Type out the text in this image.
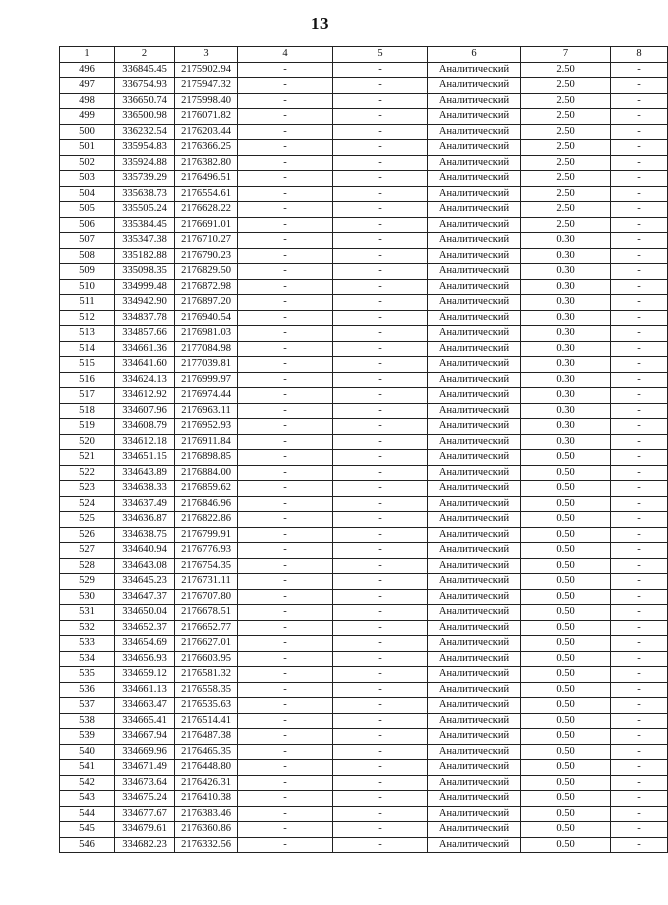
13
1	2	3	4	5	6	7	8
496	336845.45	2175902.94	-	-	Аналитический	2.50	-
497	336754.93	2175947.32	-	-	Аналитический	2.50	-
498	336650.74	2175998.40	-	-	Аналитический	2.50	-
499	336500.98	2176071.82	-	-	Аналитический	2.50	-
500	336232.54	2176203.44	-	-	Аналитический	2.50	-
501	335954.83	2176366.25	-	-	Аналитический	2.50	-
502	335924.88	2176382.80	-	-	Аналитический	2.50	-
503	335739.29	2176496.51	-	-	Аналитический	2.50	-
504	335638.73	2176554.61	-	-	Аналитический	2.50	-
505	335505.24	2176628.22	-	-	Аналитический	2.50	-
506	335384.45	2176691.01	-	-	Аналитический	2.50	-
507	335347.38	2176710.27	-	-	Аналитический	0.30	-
508	335182.88	2176790.23	-	-	Аналитический	0.30	-
509	335098.35	2176829.50	-	-	Аналитический	0.30	-
510	334999.48	2176872.98	-	-	Аналитический	0.30	-
511	334942.90	2176897.20	-	-	Аналитический	0.30	-
512	334837.78	2176940.54	-	-	Аналитический	0.30	-
513	334857.66	2176981.03	-	-	Аналитический	0.30	-
514	334661.36	2177084.98	-	-	Аналитический	0.30	-
515	334641.60	2177039.81	-	-	Аналитический	0.30	-
516	334624.13	2176999.97	-	-	Аналитический	0.30	-
517	334612.92	2176974.44	-	-	Аналитический	0.30	-
518	334607.96	2176963.11	-	-	Аналитический	0.30	-
519	334608.79	2176952.93	-	-	Аналитический	0.30	-
520	334612.18	2176911.84	-	-	Аналитический	0.30	-
521	334651.15	2176898.85	-	-	Аналитический	0.50	-
522	334643.89	2176884.00	-	-	Аналитический	0.50	-
523	334638.33	2176859.62	-	-	Аналитический	0.50	-
524	334637.49	2176846.96	-	-	Аналитический	0.50	-
525	334636.87	2176822.86	-	-	Аналитический	0.50	-
526	334638.75	2176799.91	-	-	Аналитический	0.50	-
527	334640.94	2176776.93	-	-	Аналитический	0.50	-
528	334643.08	2176754.35	-	-	Аналитический	0.50	-
529	334645.23	2176731.11	-	-	Аналитический	0.50	-
530	334647.37	2176707.80	-	-	Аналитический	0.50	-
531	334650.04	2176678.51	-	-	Аналитический	0.50	-
532	334652.37	2176652.77	-	-	Аналитический	0.50	-
533	334654.69	2176627.01	-	-	Аналитический	0.50	-
534	334656.93	2176603.95	-	-	Аналитический	0.50	-
535	334659.12	2176581.32	-	-	Аналитический	0.50	-
536	334661.13	2176558.35	-	-	Аналитический	0.50	-
537	334663.47	2176535.63	-	-	Аналитический	0.50	-
538	334665.41	2176514.41	-	-	Аналитический	0.50	-
539	334667.94	2176487.38	-	-	Аналитический	0.50	-
540	334669.96	2176465.35	-	-	Аналитический	0.50	-
541	334671.49	2176448.80	-	-	Аналитический	0.50	-
542	334673.64	2176426.31	-	-	Аналитический	0.50	-
543	334675.24	2176410.38	-	-	Аналитический	0.50	-
544	334677.67	2176383.46	-	-	Аналитический	0.50	-
545	334679.61	2176360.86	-	-	Аналитический	0.50	-
546	334682.23	2176332.56	-	-	Аналитический	0.50	-
